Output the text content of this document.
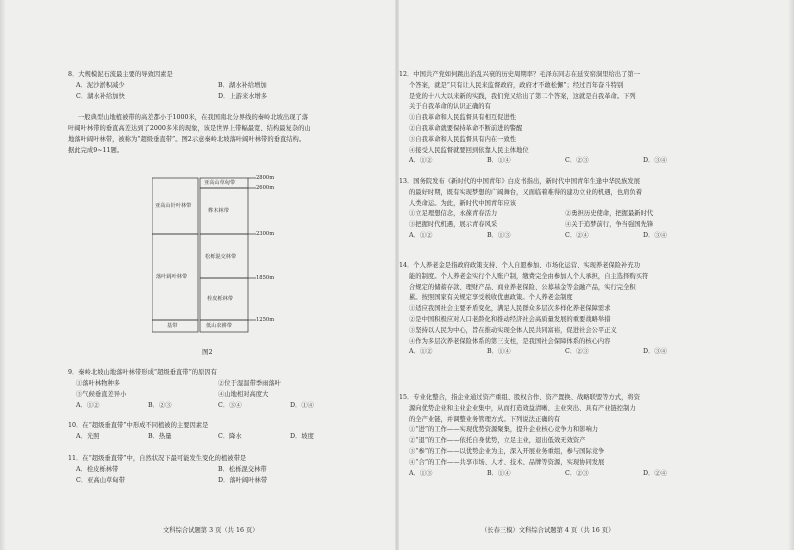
8．大规模泥石流最主要的导致因素是
A．泥沙淤积减少	B．湖水补给增加
C．湖水补给加快	D．上游来水增多
一般典型山地植被带的高差都小于1000米，在我国南北分界线的秦岭北坡出现了落
叶阔叶林带的垂直高差达到了2000多米的现象，该是世界上带幅最宽、结构最复杂的山
地落叶阔叶林带，被称为“超级垂直带”。图2示意秦岭北坡落叶阔叶林带的垂直结构。
据此完成9~11题。
亚高山针叶林带
落叶阔叶林带
基带
亚高山草甸带
桦木林带
松栎混交林带
栓皮栎林带
低山农耕带
2800m
2600m
2300m
1850m
1250m
图2
9．秦岭北坡山地落叶林带形成“超级垂直带”的原因有
①落叶林物种多	②位于湿温带季雨落叶
③气候垂直差异小	④山地相对高度大
A．①②	B．②③	C．③④	D．①④
10．在“超级垂直带”中形成不同植被的主要因素是
A．光照	B．热量	C．降水	D．坡度
11．在“超级垂直带”中，自然状况下最可能发生变化的植被带是
A．栓皮栎林带	B．松栎混交林带
C．亚高山草甸带	D．落叶阔叶林带
文科综合试题第 3 页（共 16 页）
12．中国共产党如何跳出治乱兴衰的历史周期率？毛泽东同志在延安窑洞里给出了第一
个答案，就是“只有让人民来监督政府，政府才不敢松懈”；经过百年奋斗特别
是党的十八大以来新的实践，我们党又给出了第二个答案，这就是自我革命。下列
关于自我革命的认识正确的有
①自我革命和人民监督具有相互促进性
②自我革命就要保持革命不断前进的警醒
③自我革命和人民监督具有内在一致性
④接受人民监督就要回到依靠人民主体地位
A．①②	B．①④	C．②③	D．③④
13．国务院发布《新时代的中国青年》白皮书指出，新时代中国青年生逢中华民族发展
的最好时期，既有实现梦想的广阔舞台，又面临着难得的建功立业的机遇，也肩负着
人类命运。为此，新时代中国青年应该
①立足理想信念，永葆青春活力	②勇担历史使命，把握最新时代
③把握时代机遇，展示青春风采	④关于追梦前行，争当强国先锋
A．①②	B．①③	C．②④	D．③④
14．个人养老金是指政府政策支持、个人自愿参加、市场化运营、实现养老保险补充功
能的制度。个人养老金实行个人账户制，缴费完全由参加人个人承担，自主选择购买符
合规定的储蓄存款、理财产品、商业养老保险、公募基金等金融产品，实行完全积
累。按照国家有关规定享受税收优惠政策。个人养老金制度
①适应我国社会主要矛盾变化，满足人民群众多层次多样化养老保障需求
②是中国积极应对人口老龄化和推动经济社会高质量发展的重要战略举措
③坚持以人民为中心，旨在推动实现全体人民共同富裕，促进社会公平正义
④作为多层次养老保险体系的第三支柱，是我国社会保障体系的核心内容
A．①②	B．①④	C．②③	D．③④
15．专业化整合，指企业通过资产重组、股权合作、资产置换、战略联盟等方式，将资
源向优势企业和主业企业集中，从而打造效益清晰、主业突出、具有产业链控制力
的全产业链，并调整业务管理方式。下列说法正确的有
①“进”的工作——实现优势资源聚集，提升企业核心竞争力和影响力
②“退”的工作——依托自身优势，立足主业，退出低效无效资产
③“参”的工作——以优势企业为主，深入开展业务重组，参与国际竞争
④“合”的工作——共享市场、人才、技术、品牌等资源，实现协同发展
A．①③	B．①④	C．②③	D．②④
（长春三模）文科综合试题第 4 页（共 16 页）
